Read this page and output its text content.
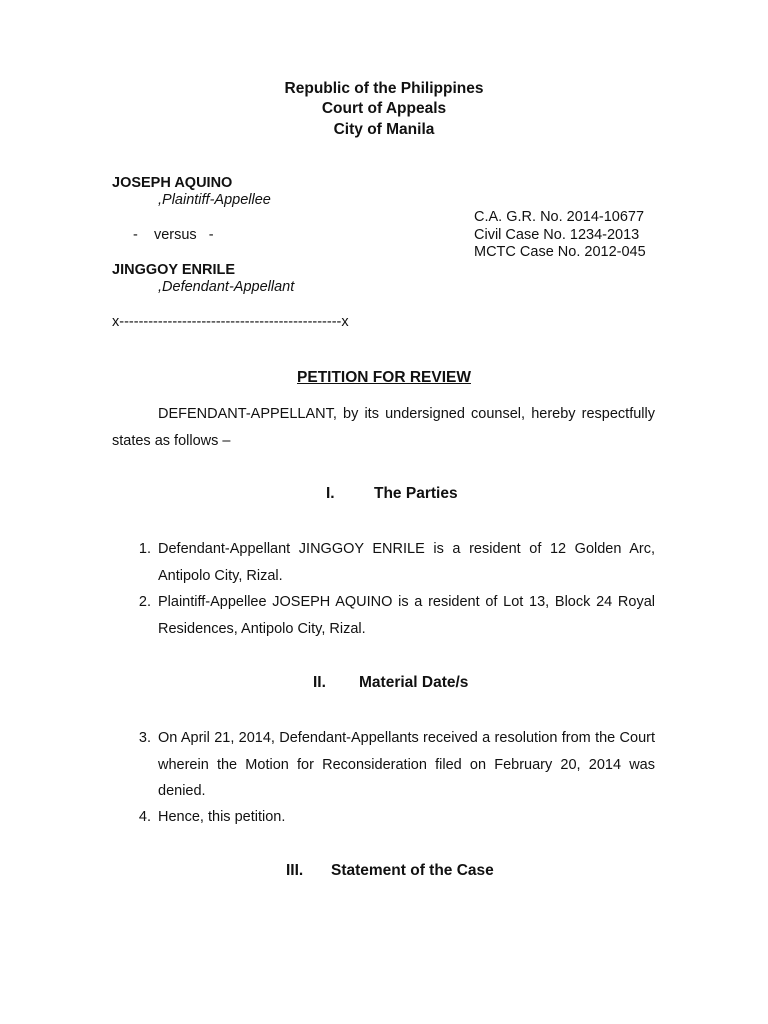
Republic of the Philippines
Court of Appeals
City of Manila
JOSEPH AQUINO
,Plaintiff-Appellee
C.A. G.R. No. 2014-10677
Civil Case No. 1234-2013
MCTC Case No. 2012-045
-    versus   -
JINGGOY ENRILE
,Defendant-Appellant
x----------------------------------------------x
PETITION FOR REVIEW
DEFENDANT-APPELLANT, by its undersigned counsel, hereby respectfully
states as follows –
I.	The Parties
1. Defendant-Appellant JINGGOY ENRILE is a resident of 12 Golden Arc,
Antipolo City, Rizal.
2. Plaintiff-Appellee JOSEPH AQUINO is a resident of Lot 13, Block 24 Royal
Residences, Antipolo City, Rizal.
II. Material Date/s
3. On April 21, 2014, Defendant-Appellants received a resolution from the Court
wherein the Motion for Reconsideration filed on February 20, 2014 was
denied.
4. Hence, this petition.
III. Statement of the Case
